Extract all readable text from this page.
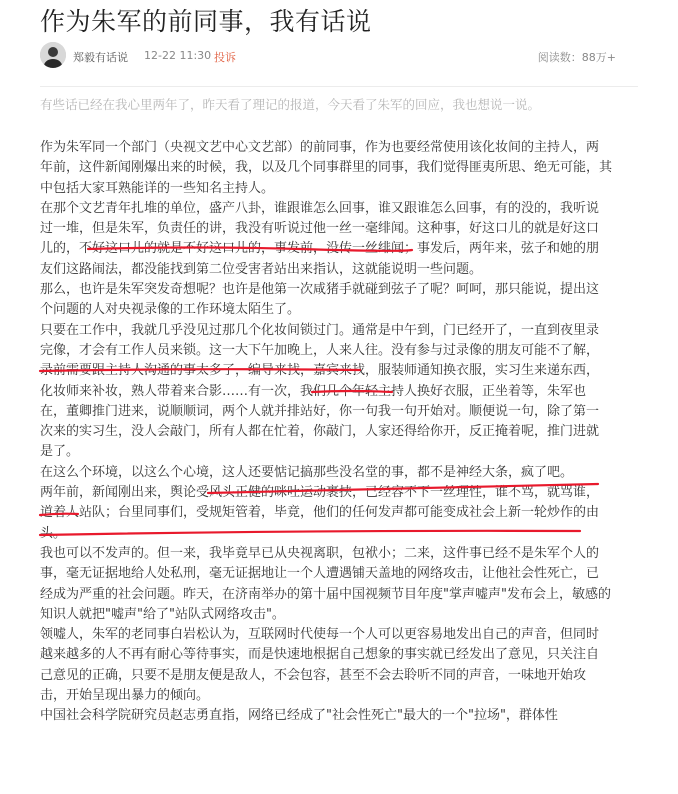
作为朱军的前同事，我有话说
郑毅有话说 12-22 11:30 投诉	阅读数：88万+
有些话已经在我心里两年了，昨天看了理记的报道，今天看了朱军的回应，我也想说一说。
作为朱军同一个部门（央视文艺中心文艺部）的前同事，作为也要经常使用该化妆间的主持人，两
年前，这件新闻刚爆出来的时候，我，以及几个同事群里的同事，我们觉得匪夷所思、绝无可能，其
中包括大家耳熟能详的一些知名主持人。
在那个文艺青年扎堆的单位，盛产八卦，谁跟谁怎么回事，谁又跟谁怎么回事，有的没的，我听说
过一堆，但是朱军，负责任的讲，我没有听说过他一丝一毫绯闻。这种事，好这口儿的就是好这口
儿的，不好这口儿的就是不好这口儿的，事发前，没传一丝绯闻；事发后，两年来，弦子和她的朋
友们这路闹法，都没能找到第二位受害者站出来指认，这就能说明一些问题。
那么，也许是朱军突发奇想呢？也许是他第一次咸猪手就碰到弦子了呢？呵呵，那只能说，提出这
个问题的人对央视录像的工作环境太陌生了。
只要在工作中，我就几乎没见过那几个化妆间锁过门。通常是中午到，门已经开了，一直到夜里录
完像，才会有工作人员来锁。这一大下午加晚上，人来人往。没有参与过录像的朋友可能不了解，
录前需要跟主持人沟通的事太多了，编导来找，嘉宾来找，服装师通知换衣服，实习生来递东西，
化妆师来补妆，熟人带着来合影……有一次，我们几个年轻主持人换好衣服，正坐着等，朱军也
在，董卿推门进来，说顺顺词，两个人就并排站好，你一句我一句开始对。顺便说一句，除了第一
次来的实习生，没人会敲门，所有人都在忙着，你敲门，人家还得给你开，反正掩着呢，推门进就
是了。
在这么个环境，以这么个心境，这人还要惦记搞那些没名堂的事，都不是神经大条，疯了吧。
两年前，新闻刚出来，舆论受风头正健的咪吐运动裹挟，已经容不下一丝理性，谁不骂，就骂谁，
道着人站队；台里同事们，受规矩管着，毕竟，他们的任何发声都可能变成社会上新一轮炒作的由
头。
我也可以不发声的。但一来，我毕竟早已从央视离职，包袱小；二来，这件事已经不是朱军个人的
事，毫无证据地给人处私刑，毫无证据地让一个人遭遇铺天盖地的网络攻击，让他社会性死亡，已
经成为严重的社会问题。昨天，在济南举办的第十届中国视频节目年度"掌声嘘声"发布会上，敏感的
知识人就把"嘘声"给了"站队式网络攻击"。
领嘘人，朱军的老同事白岩松认为，互联网时代使每一个人可以更容易地发出自己的声音，但同时
越来越多的人不再有耐心等待事实，而是快速地根据自己想象的事实就已经发出了意见，只关注自
己意见的正确，只要不是朋友便是敌人，不会包容，甚至不会去聆听不同的声音，一味地开始攻
击，开始呈现出暴力的倾向。
中国社会科学院研究员赵志勇直指，网络已经成了"社会性死亡"最大的一个"拉场"，群体性
